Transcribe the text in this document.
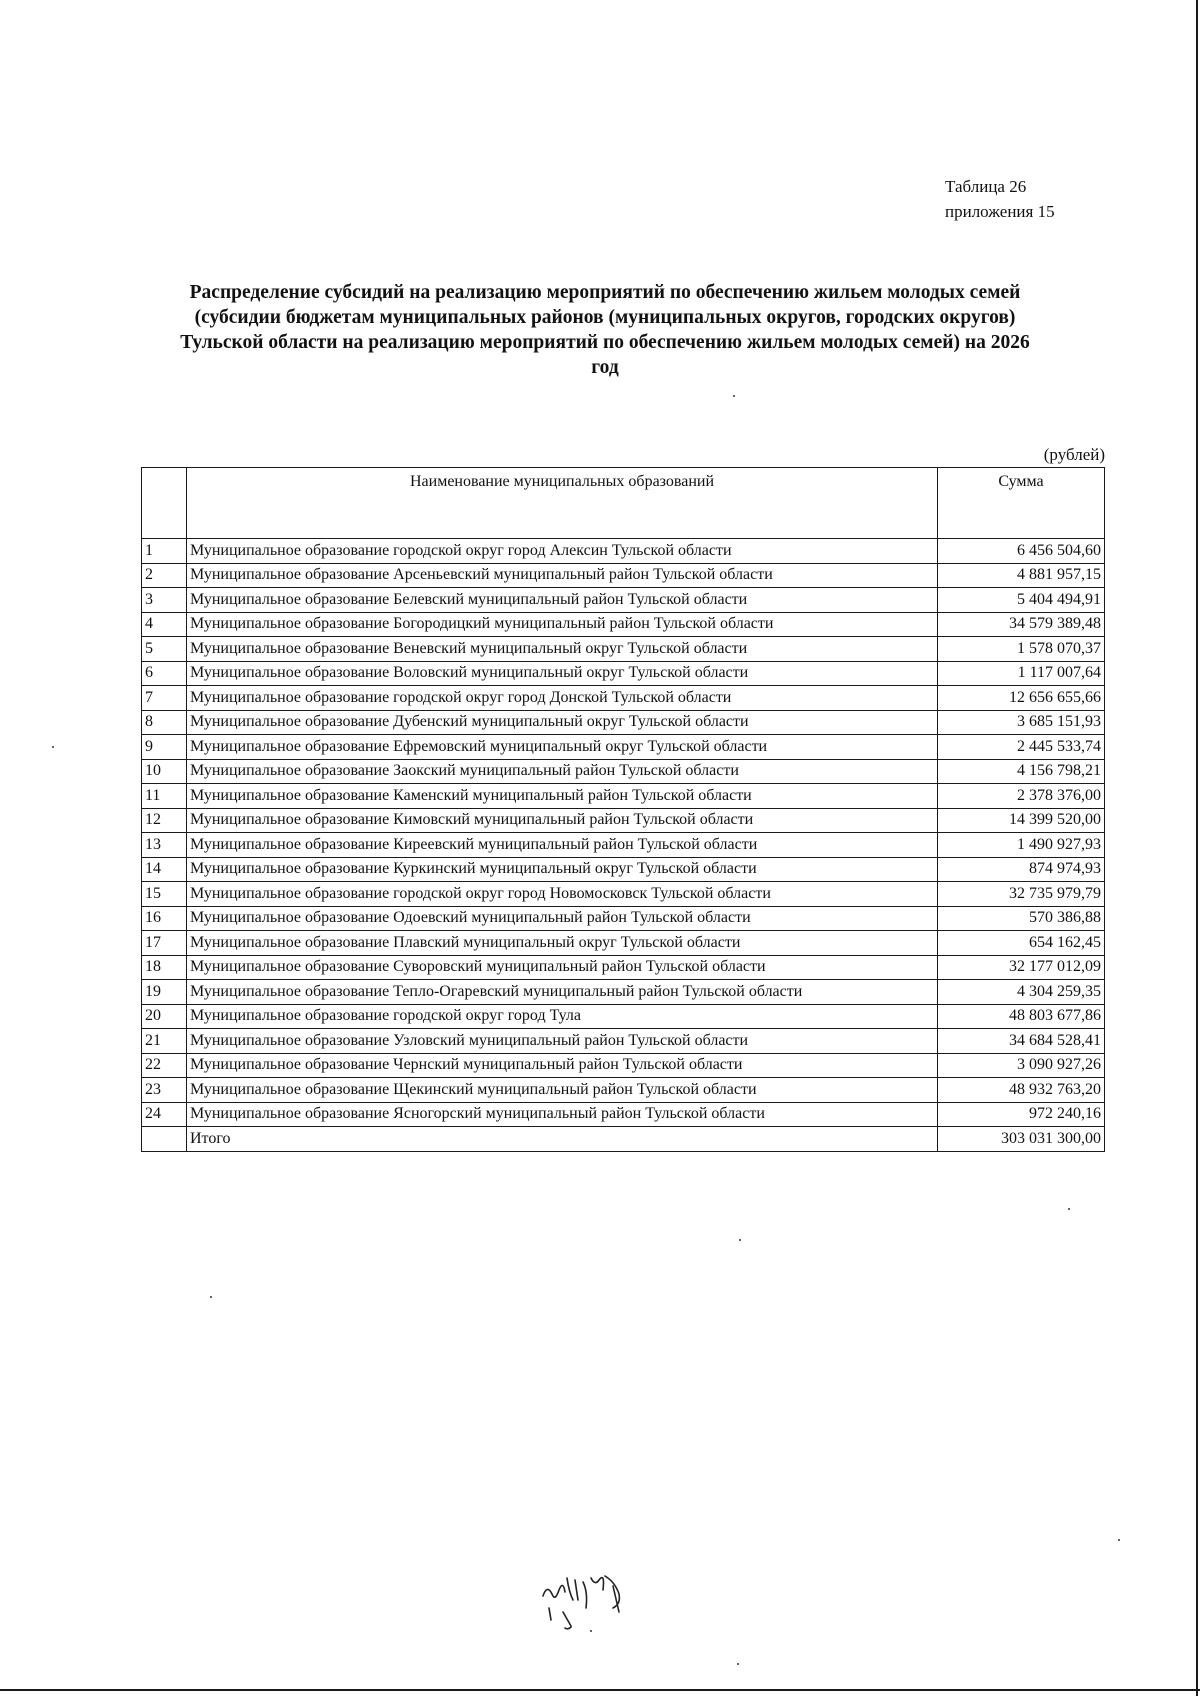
Таблица 26
приложения 15
Распределение субсидий на реализацию мероприятий по обеспечению жильем молодых семей
(субсидии бюджетам муниципальных районов (муниципальных округов, городских округов)
Тульской области на реализацию мероприятий по обеспечению жильем молодых семей) на 2026
год
(рублей)
	Наименование муниципальных образований	Сумма
1	Муниципальное образование городской округ город Алексин Тульской области	6 456 504,60
2	Муниципальное образование Арсеньевский муниципальный район Тульской области	4 881 957,15
3	Муниципальное образование Белевский муниципальный район Тульской области	5 404 494,91
4	Муниципальное образование Богородицкий муниципальный район Тульской области	34 579 389,48
5	Муниципальное образование Веневский муниципальный округ Тульской области	1 578 070,37
6	Муниципальное образование Воловский муниципальный округ Тульской области	1 117 007,64
7	Муниципальное образование городской округ город Донской Тульской области	12 656 655,66
8	Муниципальное образование Дубенский муниципальный округ Тульской области	3 685 151,93
9	Муниципальное образование Ефремовский муниципальный округ Тульской области	2 445 533,74
10	Муниципальное образование Заокский муниципальный район Тульской области	4 156 798,21
11	Муниципальное образование Каменский муниципальный район Тульской области	2 378 376,00
12	Муниципальное образование Кимовский муниципальный район Тульской области	14 399 520,00
13	Муниципальное образование Киреевский муниципальный район Тульской области	1 490 927,93
14	Муниципальное образование Куркинский муниципальный округ Тульской области	874 974,93
15	Муниципальное образование городской округ город Новомосковск Тульской области	32 735 979,79
16	Муниципальное образование Одоевский муниципальный район Тульской области	570 386,88
17	Муниципальное образование Плавский муниципальный округ Тульской области	654 162,45
18	Муниципальное образование Суворовский муниципальный район Тульской области	32 177 012,09
19	Муниципальное образование Тепло-Огаревский муниципальный район Тульской области	4 304 259,35
20	Муниципальное образование городской округ город Тула	48 803 677,86
21	Муниципальное образование Узловский муниципальный район Тульской области	34 684 528,41
22	Муниципальное образование Чернский муниципальный район Тульской области	3 090 927,26
23	Муниципальное образование Щекинский муниципальный район Тульской области	48 932 763,20
24	Муниципальное образование Ясногорский муниципальный район Тульской области	972 240,16
	Итого	303 031 300,00
